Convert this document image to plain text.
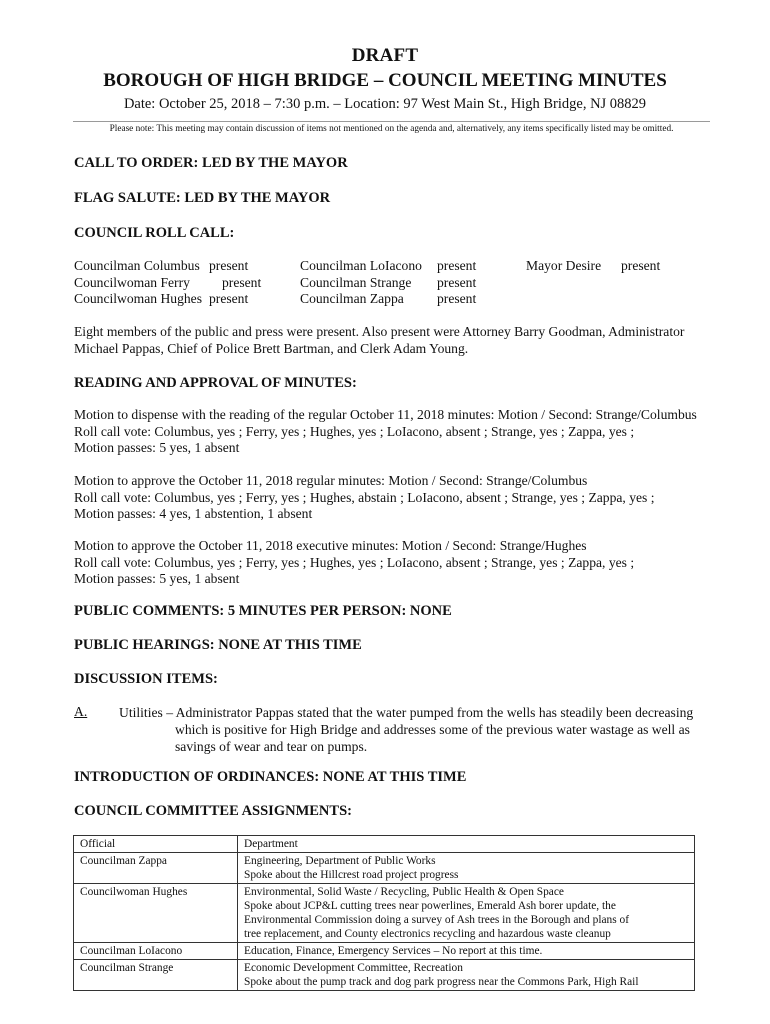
DRAFT
BOROUGH OF HIGH BRIDGE – COUNCIL MEETING MINUTES
Date: October 25, 2018 – 7:30 p.m. – Location: 97 West Main St., High Bridge, NJ 08829
Please note: This meeting may contain discussion of items not mentioned on the agenda and, alternatively, any items specifically listed may be omitted.
CALL TO ORDER: LED BY THE MAYOR
FLAG SALUTE: LED BY THE MAYOR
COUNCIL ROLL CALL:
Councilman Columbus present
Councilwoman Ferry present
Councilwoman Hughes present
Councilman LoIacono present
Councilman Strange present
Councilman Zappa present
Mayor Desire present
Eight members of the public and press were present. Also present were Attorney Barry Goodman, Administrator
Michael Pappas, Chief of Police Brett Bartman, and Clerk Adam Young.
READING AND APPROVAL OF MINUTES:
Motion to dispense with the reading of the regular October 11, 2018 minutes: Motion / Second: Strange/Columbus
Roll call vote: Columbus, yes ; Ferry, yes ; Hughes, yes ; LoIacono, absent ; Strange, yes ; Zappa, yes ;
Motion passes: 5 yes, 1 absent
Motion to approve the October 11, 2018 regular minutes: Motion / Second: Strange/Columbus
Roll call vote: Columbus, yes ; Ferry, yes ; Hughes, abstain ; LoIacono, absent ; Strange, yes ; Zappa, yes ;
Motion passes: 4 yes, 1 abstention, 1 absent
Motion to approve the October 11, 2018 executive minutes: Motion / Second: Strange/Hughes
Roll call vote: Columbus, yes ; Ferry, yes ; Hughes, yes ; LoIacono, absent ; Strange, yes ; Zappa, yes ;
Motion passes: 5 yes, 1 absent
PUBLIC COMMENTS: 5 MINUTES PER PERSON: NONE
PUBLIC HEARINGS: NONE AT THIS TIME
DISCUSSION ITEMS:
A. Utilities – Administrator Pappas stated that the water pumped from the wells has steadily been decreasing
which is positive for High Bridge and addresses some of the previous water wastage as well as
savings of wear and tear on pumps.
INTRODUCTION OF ORDINANCES: NONE AT THIS TIME
COUNCIL COMMITTEE ASSIGNMENTS:
Official	Department
Councilman Zappa	Engineering, Department of Public Works
Spoke about the Hillcrest road project progress

Councilwoman Hughes	Environmental, Solid Waste / Recycling, Public Health & Open Space
Spoke about JCP&L cutting trees near powerlines, Emerald Ash borer update, the
Environmental Commission doing a survey of Ash trees in the Borough and plans of
tree replacement, and County electronics recycling and hazardous waste cleanup

Councilman LoIacono	Education, Finance, Emergency Services – No report at this time.

Councilman Strange	Economic Development Committee, Recreation
Spoke about the pump track and dog park progress near the Commons Park, High Rail
